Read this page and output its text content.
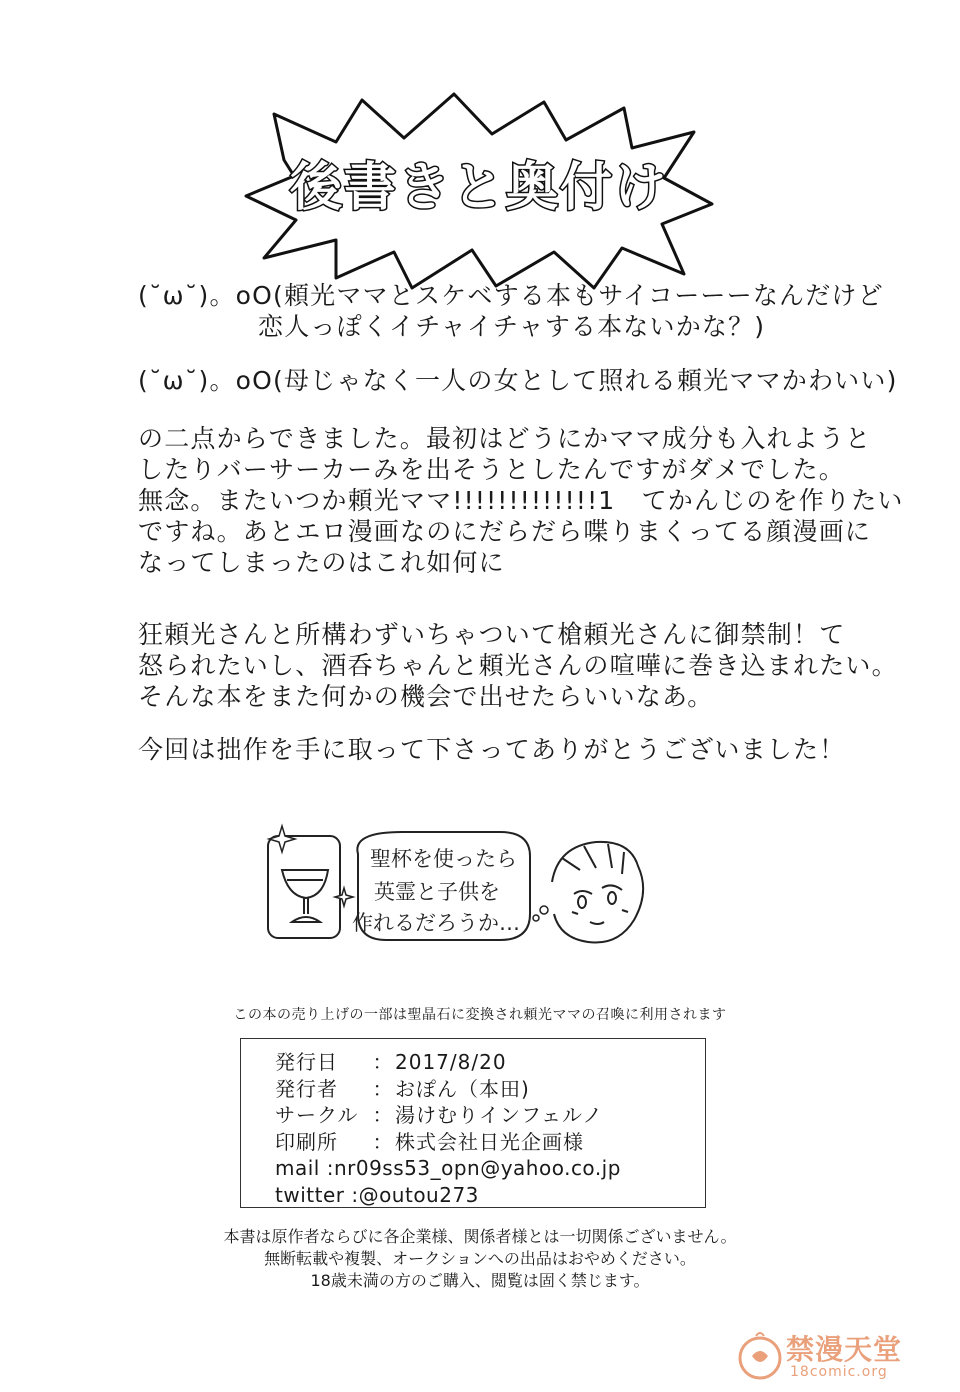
後書きと奥付け
(˘ω˘)。oO(頼光ママとスケベする本もサイコーーーなんだけど
恋人っぽくイチャイチャする本ないかな？)
(˘ω˘)。oO(母じゃなく一人の女として照れる頼光ママかわいい)
の二点からできました。最初はどうにかママ成分も入れようと
したりバーサーカーみを出そうとしたんですがダメでした。
無念。またいつか頼光ママ!!!!!!!!!!!!!1　てかんじのを作りたい
ですね。あとエロ漫画なのにだらだら喋りまくってる顔漫画に
なってしまったのはこれ如何に
狂頼光さんと所構わずいちゃついて槍頼光さんに御禁制！て
怒られたいし、酒呑ちゃんと頼光さんの喧嘩に巻き込まれたい。
そんな本をまた何かの機会で出せたらいいなあ。
今回は拙作を手に取って下さってありがとうございました！
聖杯を使ったら
英霊と子供を
作れるだろうか…
この本の売り上げの一部は聖晶石に変換され頼光ママの召喚に利用されます
発行日	： 2017/8/20
発行者	： おぽん（本田)
サークル ： 湯けむりインフェルノ
印刷所	： 株式会社日光企画様
mail :nr09ss53_opn@yahoo.co.jp
twitter :@outou273
本書は原作者ならびに各企業様、関係者様とは一切関係ございません。
無断転載や複製、オークションへの出品はおやめください。
18歳未満の方のご購入、閲覧は固く禁じます。
禁漫天堂
18comic.org
